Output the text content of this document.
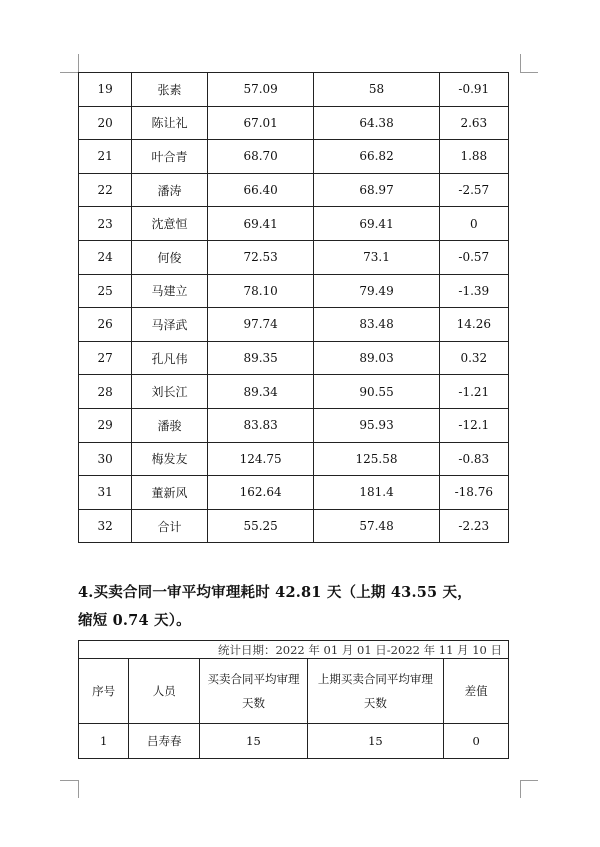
19	张素	57.09	58	-0.91
20	陈让礼	67.01	64.38	2.63
21	叶合青	68.70	66.82	1.88
22	潘涛	66.40	68.97	-2.57
23	沈意恒	69.41	69.41	0
24	何俊	72.53	73.1	-0.57
25	马建立	78.10	79.49	-1.39
26	马泽武	97.74	83.48	14.26
27	孔凡伟	89.35	89.03	0.32
28	刘长江	89.34	90.55	-1.21
29	潘骏	83.83	95.93	-12.1
30	梅发友	124.75	125.58	-0.83
31	董新风	162.64	181.4	-18.76
32	合计	55.25	57.48	-2.23
4.买卖合同一审平均审理耗时 42.81 天（上期 43.55 天，
缩短 0.74 天）。
统计日期：2022 年 01 月 01 日-2022 年 11 月 10 日				
序号	人员	买卖合同平均审理天数	上期买卖合同平均审理天数	差值
1	吕寿春	15	15	0
